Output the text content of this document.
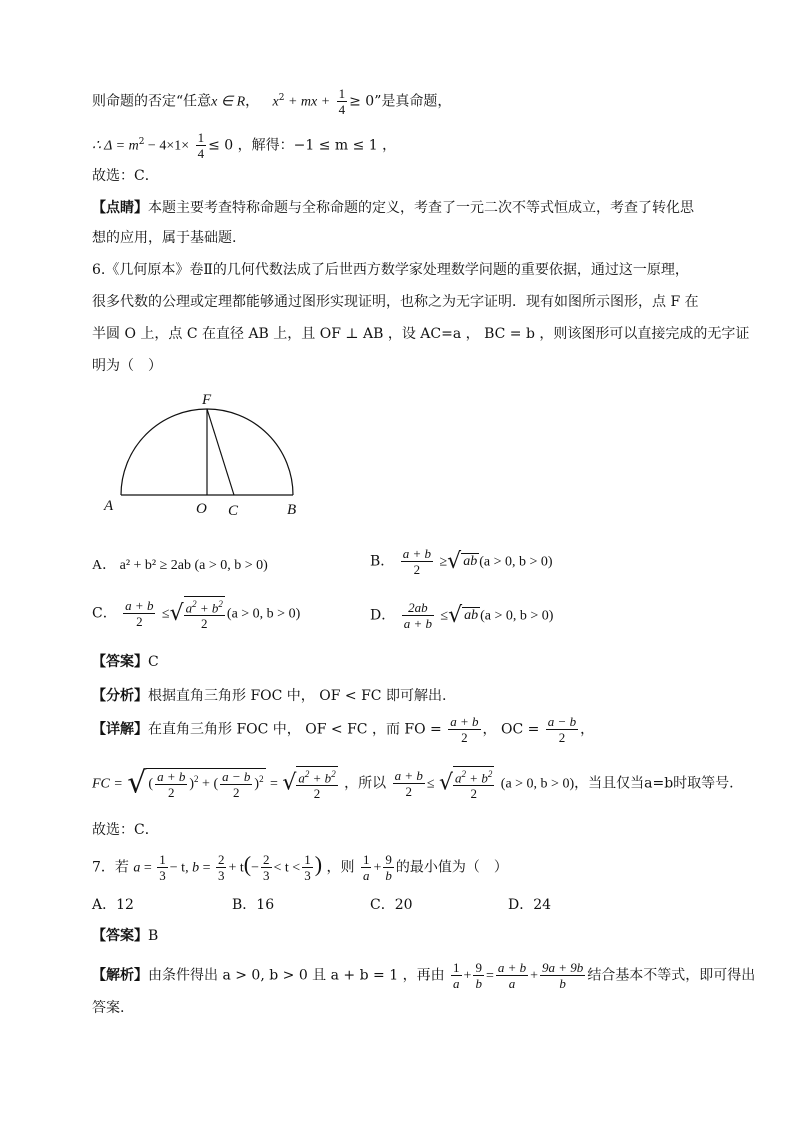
则命题的否定“任意x ∈ R， $x^2$ + mx + $\frac{1}{4} \ge 0$”是真命题，
∴ $\Delta = m^2 - 4\times 1\times \frac{1}{4} \le 0$ ，解得：−1 ≤ m ≤ 1 ，
故选：C．
【点睛】本题主要考查特称命题与全称命题的定义，考查了一元二次不等式恒成立，考查了转化思
想的应用，属于基础题.
6.《几何原本》卷Ⅱ的几何代数法成了后世西方数学家处理数学问题的重要依据，通过这一原理，
很多代数的公理或定理都能够通过图形实现证明，也称之为无字证明．现有如图所示图形，点 F 在
半圆 O 上，点 C 在直径 AB 上，且 OF ⊥ AB ，设 AC=a ， BC = b ，则该图形可以直接完成的无字证
明为（　）
F
A	O C	B
A． a² + b² ≥ 2ab (a > 0, b > 0)	B． $\frac{a + b}{2}$ ≥√ ab (a > 0, b > 0)
C． $\frac{a + b}{2}$ ≤√ $\frac{a^2 + b^2}{2} (a > 0$, b > 0)	D． $\frac{2ab}{a + b}$ ≤√ ab (a > 0, b > 0)
【答案】C
【分析】根据直角三角形 FOC 中， OF < FC 即可解出.
【详解】在直角三角形 FOC 中， OF < FC ，而 FO = $\frac{a + b}{2}$ ， OC = $\frac{a - b}{2}$ ，
FC = √ ( $\frac{a + b}{2} )^2$ + ( $\frac{a - b}{2} )^2$ = √ $\frac{a^2 + b^2}{2}$ ，所以 $\frac{a + b}{2}$ ≤ √ $\frac{a^2 + b^2}{2} (a > 0$, b > 0)，当且仅当a=b时取等号.
故选：C．
7．若 $a = \frac{1}{3} - t$, $b = \frac{2}{3} + t(- \frac{2}{3} < t < \frac{1}{3}$ ) ，则 $\frac{1}{a} + \frac{9}{b}$ 的最小值为（　）
A．12	B．16	C．20	D．24
【答案】B
【解析】由条件得出 a > 0, b > 0 且 a + b = 1 ，再由 $\frac{1}{a} + \frac{9}{b} = \frac{a + b}{a} + \frac{9a + 9b}{b}$ 结合基本不等式，即可得出
答案.
